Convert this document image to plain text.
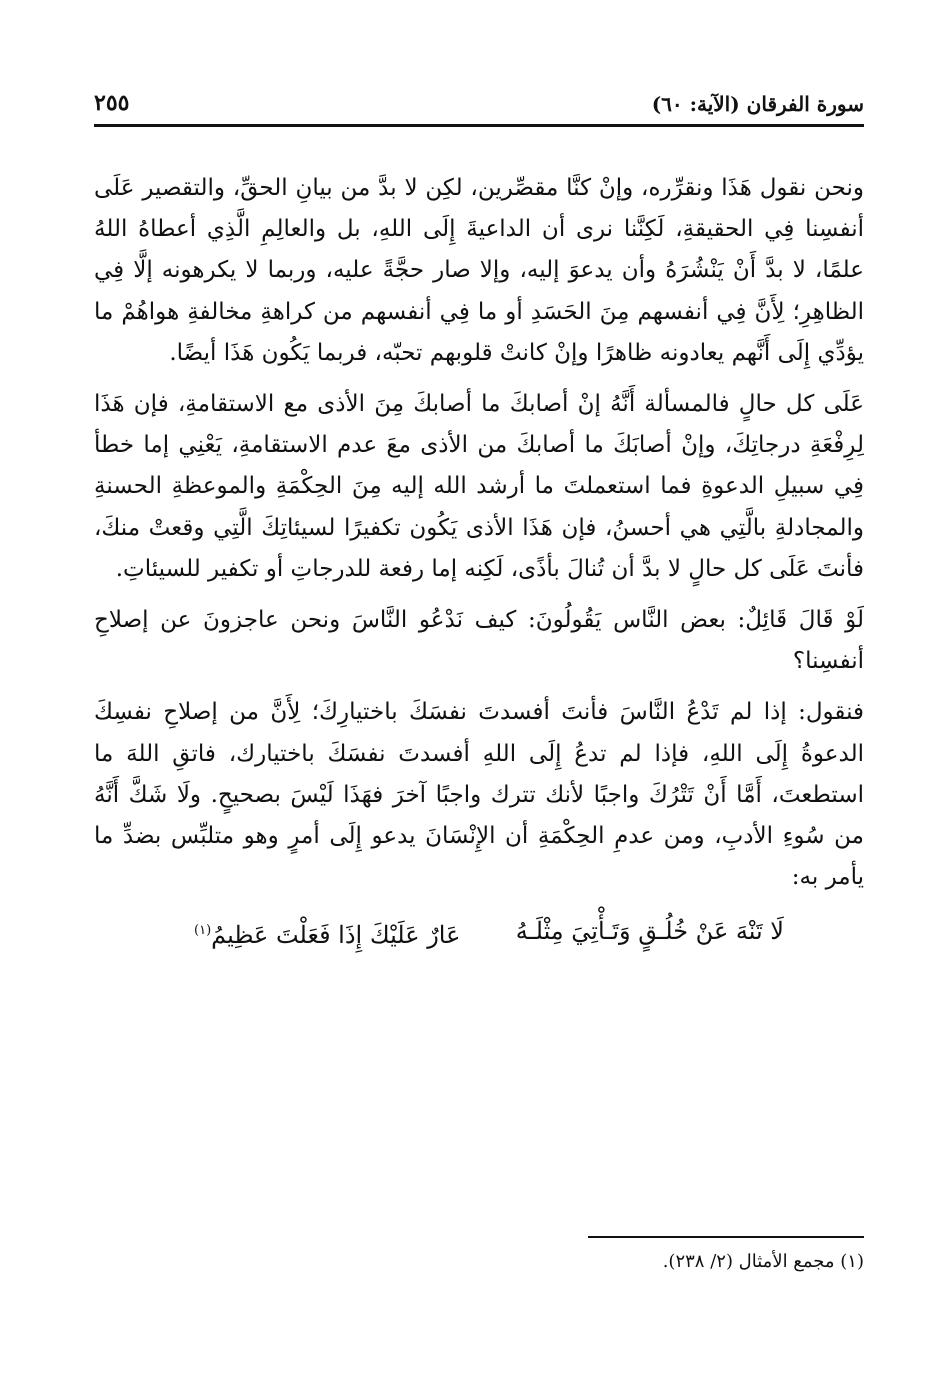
سورة الفرقان (الآية: ٦٠)
٢٥٥

ونحن نقول هَذَا ونقرِّره، وإنْ كنَّا مقصِّرين، لكِن لا بدَّ من بيانِ الحقِّ، والتقصير عَلَى أنفسِنا فِي الحقيقةِ، لَكِنَّنا نرى أن الداعيةَ إِلَى اللهِ، بل والعالِمِ الَّذِي أعطاهُ اللهُ علمًا، لا بدَّ أَنْ يَنْشُرَهُ وأن يدعوَ إليه، وإلا صار حجَّةً عليه، وربما لا يكرهونه إلَّا فِي الظاهِرِ؛ لِأَنَّ فِي أنفسهم مِنَ الحَسَدِ أو ما فِي أنفسهم من كراهةِ مخالفةِ هواهُمْ ما يؤدِّي إِلَى أَنَّهم يعادونه ظاهرًا وإنْ كانتْ قلوبهم تحبّه، فربما يَكُون هَذَا أيضًا.

عَلَى كل حالٍ فالمسألة أَنَّهُ إنْ أصابكَ ما أصابكَ مِنَ الأذى مع الاستقامةِ، فإن هَذَا لِرِفْعَةِ درجاتِكَ، وإنْ أصابَكَ ما أصابكَ من الأذى معَ عدم الاستقامةِ، يَعْنِي إما خطأ فِي سبيلِ الدعوةِ فما استعملتَ ما أرشد الله إليه مِنَ الحِكْمَةِ والموعظةِ الحسنةِ والمجادلةِ بالَّتِي هي أحسنُ، فإن هَذَا الأذى يَكُون تكفيرًا لسيئاتِكَ الَّتِي وقعتْ منكَ، فأنتَ عَلَى كل حالٍ لا بدَّ أن تُنالَ بأذًى، لَكِنه إما رفعة للدرجاتِ أو تكفير للسيئاتِ.

لَوْ قَالَ قَائِلٌ: بعض النَّاس يَقُولُونَ: كيف نَدْعُو النَّاسَ ونحن عاجزونَ عن إصلاحِ أنفسِنا؟

فنقول: إذا لم تَدْعُ النَّاسَ فأنتَ أفسدتَ نفسَكَ باختيارِكَ؛ لِأَنَّ من إصلاحِ نفسِكَ الدعوةُ إِلَى اللهِ، فإذا لم تدعُ إِلَى اللهِ أفسدتَ نفسَكَ باختيارك، فاتقِ اللهَ ما استطعتَ، أَمَّا أَنْ تَتْرُكَ واجبًا لأنك تترك واجبًا آخرَ فهَذَا لَيْسَ بصحيحٍ. ولَا شَكَّ أَنَّهُ من سُوءِ الأدبِ، ومن عدمِ الحِكْمَةِ أن الإِنْسَانَ يدعو إِلَى أمرٍ وهو متلبِّس بضدِّ ما يأمر به:

لَا تَنْهَ عَنْ خُلُـقٍ وَتَـأْتِيَ مِثْلَـهُ
عَارٌ عَلَيْكَ إِذَا فَعَلْتَ عَظِيمُ$^{(١)}$
(١) مجمع الأمثال (٢/ ٢٣٨).
